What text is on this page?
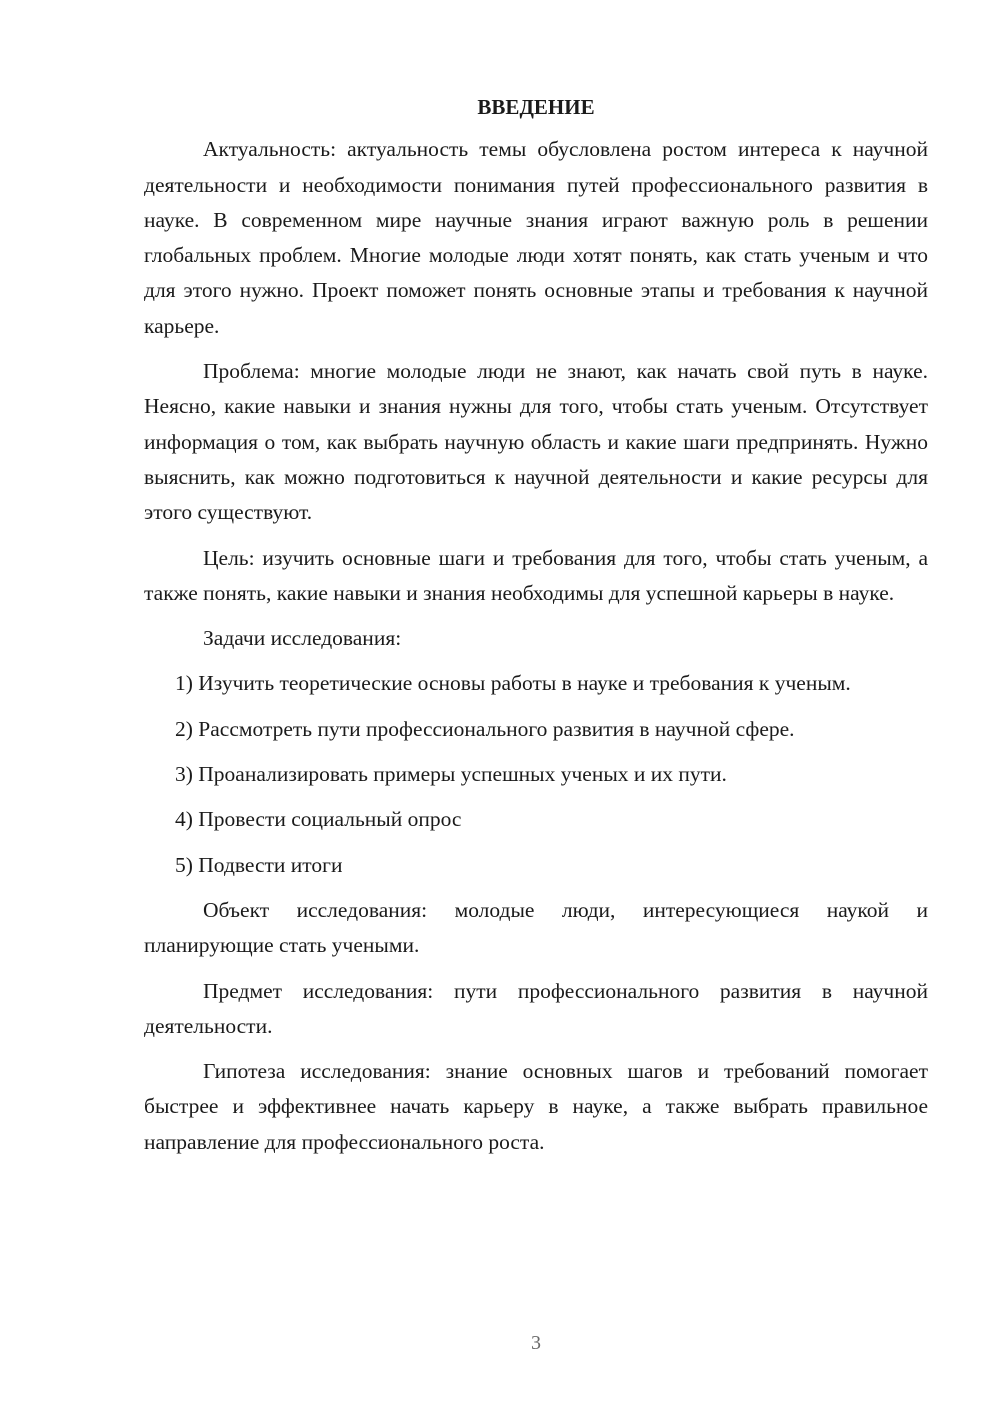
ВВЕДЕНИЕ

Актуальность: актуальность темы обусловлена ростом интереса к научной деятельности и необходимости понимания путей профессионального развития в науке. В современном мире научные знания играют важную роль в решении глобальных проблем. Многие молодые люди хотят понять, как стать ученым и что для этого нужно. Проект поможет понять основные этапы и требования к научной карьере.

Проблема: многие молодые люди не знают, как начать свой путь в науке. Неясно, какие навыки и знания нужны для того, чтобы стать ученым. Отсутствует информация о том, как выбрать научную область и какие шаги предпринять. Нужно выяснить, как можно подготовиться к научной деятельности и какие ресурсы для этого существуют.

Цель: изучить основные шаги и требования для того, чтобы стать ученым, а также понять, какие навыки и знания необходимы для успешной карьеры в науке.

Задачи исследования:

1) Изучить теоретические основы работы в науке и требования к ученым.

2) Рассмотреть пути профессионального развития в научной сфере.

3) Проанализировать примеры успешных ученых и их пути.

4) Провести социальный опрос

5) Подвести итоги

Объект исследования: молодые люди, интересующиеся наукой и планирующие стать учеными.

Предмет исследования: пути профессионального развития в научной деятельности.

Гипотеза исследования: знание основных шагов и требований помогает быстрее и эффективнее начать карьеру в науке, а также выбрать правильное направление для профессионального роста.

3
